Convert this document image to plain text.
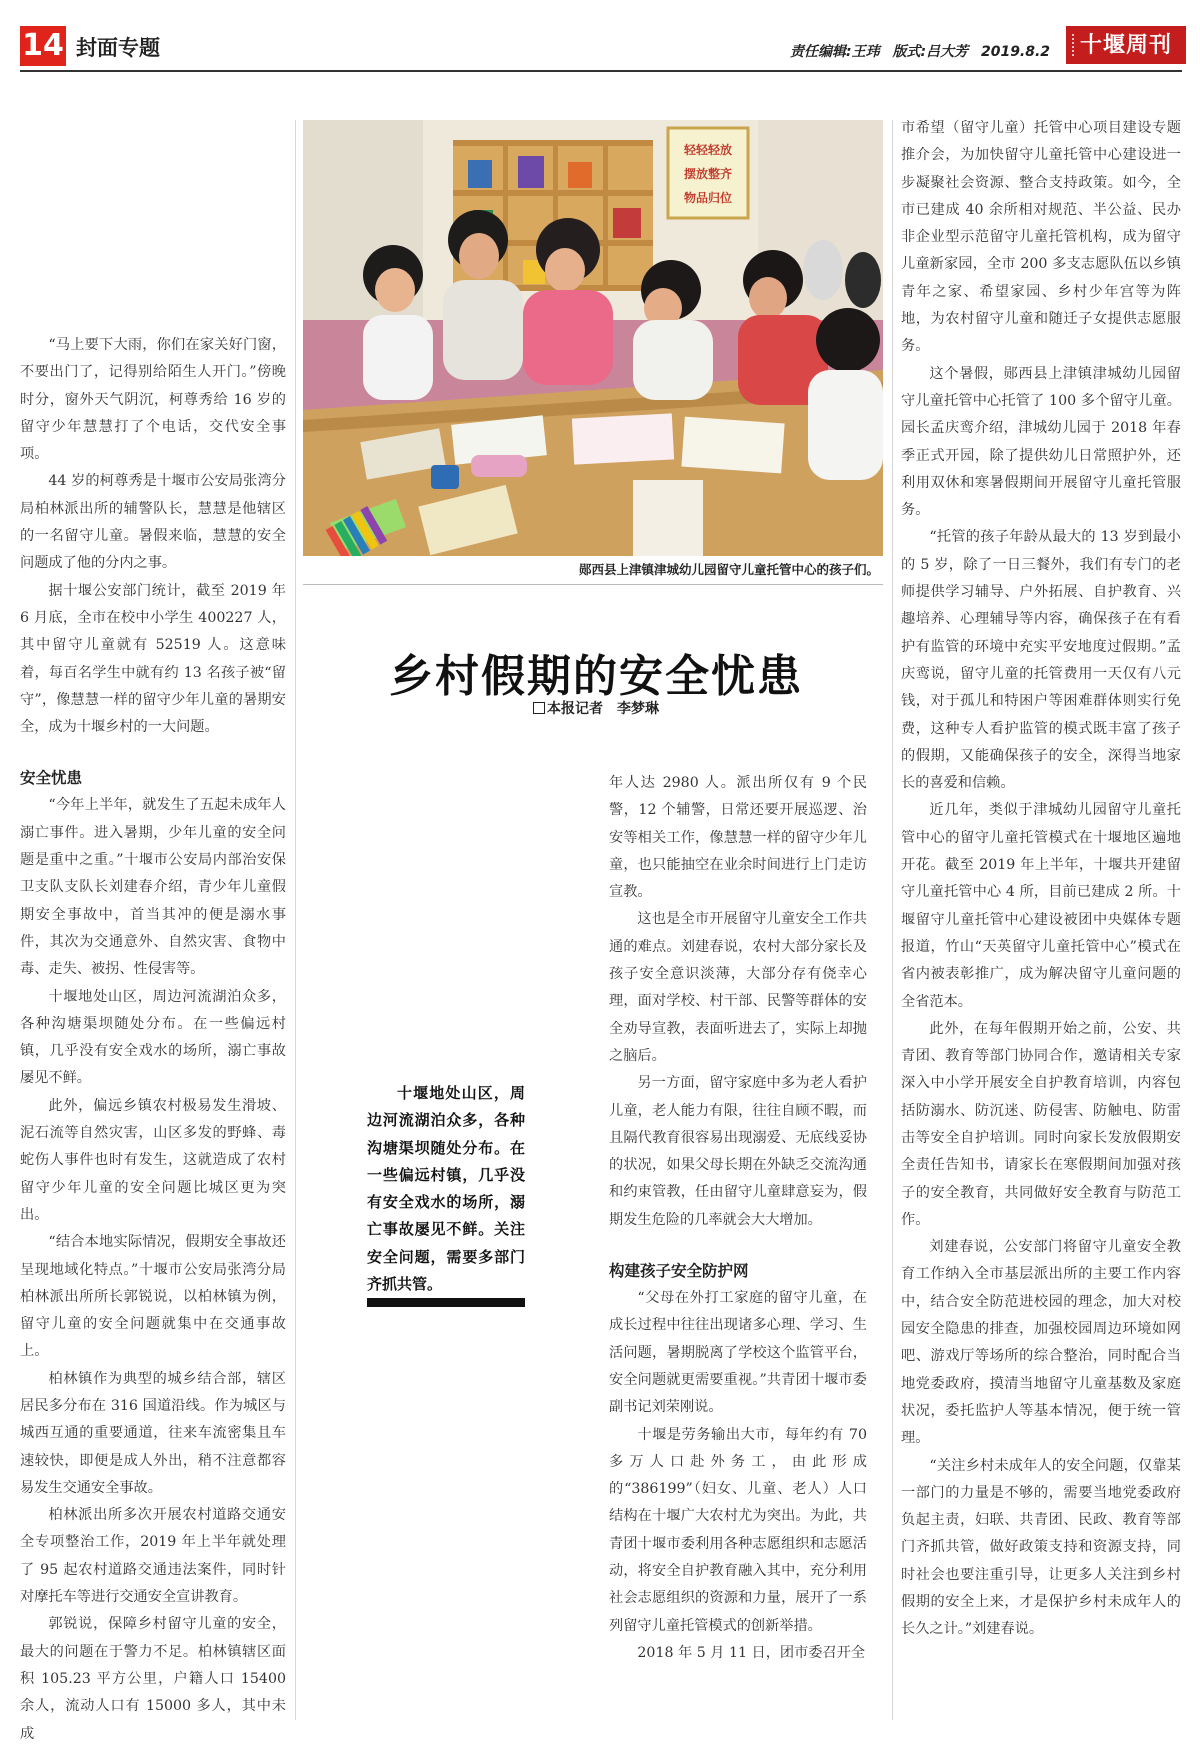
14 封面专题	责任编辑:王玮 版式:吕大芳 2019.8.2	十堰周刊

“马上要下大雨，你们在家关好门窗，不要出门了，记得别给陌生人开门。”傍晚时分，窗外天气阴沉，柯尊秀给 16 岁的留守少年慧慧打了个电话，交代安全事项。

44 岁的柯尊秀是十堰市公安局张湾分局柏林派出所的辅警队长，慧慧是他辖区的一名留守儿童。暑假来临，慧慧的安全问题成了他的分内之事。

据十堰公安部门统计，截至 2019 年 6 月底，全市在校中小学生 400227 人，其中留守儿童就有 52519 人。这意味着，每百名学生中就有约 13 名孩子被“留守”，像慧慧一样的留守少年儿童的暑期安全，成为十堰乡村的一大问题。

安全忧患

“今年上半年，就发生了五起未成年人溺亡事件。进入暑期，少年儿童的安全问题是重中之重。”十堰市公安局内部治安保卫支队支队长刘建春介绍，青少年儿童假期安全事故中，首当其冲的便是溺水事件，其次为交通意外、自然灾害、食物中毒、走失、被拐、性侵害等。

十堰地处山区，周边河流湖泊众多，各种沟塘渠坝随处分布。在一些偏远村镇，几乎没有安全戏水的场所，溺亡事故屡见不鲜。

此外，偏远乡镇农村极易发生滑坡、泥石流等自然灾害，山区多发的野蜂、毒蛇伤人事件也时有发生，这就造成了农村留守少年儿童的安全问题比城区更为突出。

“结合本地实际情况，假期安全事故还呈现地域化特点。”十堰市公安局张湾分局柏林派出所所长郭锐说，以柏林镇为例，留守儿童的安全问题就集中在交通事故上。

柏林镇作为典型的城乡结合部，辖区居民多分布在 316 国道沿线。作为城区与城西互通的重要通道，往来车流密集且车速较快，即便是成人外出，稍不注意都容易发生交通安全事故。

柏林派出所多次开展农村道路交通安全专项整治工作，2019 年上半年就处理了 95 起农村道路交通违法案件，同时针对摩托车等进行交通安全宣讲教育。

郭锐说，保障乡村留守儿童的安全，最大的问题在于警力不足。柏林镇辖区面积 105.23 平方公里，户籍人口 15400 余人，流动人口有 15000 多人，其中未成

轻轻轻放
摆放整齐
物品归位
郧西县上津镇津城幼儿园留守儿童托管中心的孩子们。
乡村假期的安全忧患
本报记者　李梦琳

十堰地处山区，周边河流湖泊众多，各种沟塘渠坝随处分布。在一些偏远村镇，几乎没有安全戏水的场所，溺亡事故屡见不鲜。关注安全问题，需要多部门齐抓共管。

年人达 2980 人。派出所仅有 9 个民警，12 个辅警，日常还要开展巡逻、治安等相关工作，像慧慧一样的留守少年儿童，也只能抽空在业余时间进行上门走访宣教。

这也是全市开展留守儿童安全工作共通的难点。刘建春说，农村大部分家长及孩子安全意识淡薄，大部分存有侥幸心理，面对学校、村干部、民警等群体的安全劝导宣教，表面听进去了，实际上却抛之脑后。

另一方面，留守家庭中多为老人看护儿童，老人能力有限，往往自顾不暇，而且隔代教育很容易出现溺爱、无底线妥协的状况，如果父母长期在外缺乏交流沟通和约束管教，任由留守儿童肆意妄为，假期发生危险的几率就会大大增加。

构建孩子安全防护网

“父母在外打工家庭的留守儿童，在成长过程中往往出现诸多心理、学习、生活问题，暑期脱离了学校这个监管平台，安全问题就更需要重视。”共青团十堰市委副书记刘荣刚说。

十堰是劳务输出大市，每年约有 70 多万人口赴外务工，由此形成的“386199”（妇女、儿童、老人）人口结构在十堰广大农村尤为突出。为此，共青团十堰市委利用各种志愿组织和志愿活动，将安全自护教育融入其中，充分利用社会志愿组织的资源和力量，展开了一系列留守儿童托管模式的创新举措。

2018 年 5 月 11 日，团市委召开全

市希望（留守儿童）托管中心项目建设专题推介会，为加快留守儿童托管中心建设进一步凝聚社会资源、整合支持政策。如今，全市已建成 40 余所相对规范、半公益、民办非企业型示范留守儿童托管机构，成为留守儿童新家园，全市 200 多支志愿队伍以乡镇青年之家、希望家园、乡村少年宫等为阵地，为农村留守儿童和随迁子女提供志愿服务。

这个暑假，郧西县上津镇津城幼儿园留守儿童托管中心托管了 100 多个留守儿童。园长孟庆鸾介绍，津城幼儿园于 2018 年春季正式开园，除了提供幼儿日常照护外，还利用双休和寒暑假期间开展留守儿童托管服务。

“托管的孩子年龄从最大的 13 岁到最小的 5 岁，除了一日三餐外，我们有专门的老师提供学习辅导、户外拓展、自护教育、兴趣培养、心理辅导等内容，确保孩子在有看护有监管的环境中充实平安地度过假期。”孟庆鸾说，留守儿童的托管费用一天仅有八元钱，对于孤儿和特困户等困难群体则实行免费，这种专人看护监管的模式既丰富了孩子的假期，又能确保孩子的安全，深得当地家长的喜爱和信赖。

近几年，类似于津城幼儿园留守儿童托管中心的留守儿童托管模式在十堰地区遍地开花。截至 2019 年上半年，十堰共开建留守儿童托管中心 4 所，目前已建成 2 所。十堰留守儿童托管中心建设被团中央媒体专题报道，竹山“天英留守儿童托管中心”模式在省内被表彰推广，成为解决留守儿童问题的全省范本。

此外，在每年假期开始之前，公安、共青团、教育等部门协同合作，邀请相关专家深入中小学开展安全自护教育培训，内容包括防溺水、防沉迷、防侵害、防触电、防雷击等安全自护培训。同时向家长发放假期安全责任告知书，请家长在寒假期间加强对孩子的安全教育，共同做好安全教育与防范工作。

刘建春说，公安部门将留守儿童安全教育工作纳入全市基层派出所的主要工作内容中，结合安全防范进校园的理念，加大对校园安全隐患的排查，加强校园周边环境如网吧、游戏厅等场所的综合整治，同时配合当地党委政府，摸清当地留守儿童基数及家庭状况，委托监护人等基本情况，便于统一管理。

“关注乡村未成年人的安全问题，仅靠某一部门的力量是不够的，需要当地党委政府负起主责，妇联、共青团、民政、教育等部门齐抓共管，做好政策支持和资源支持，同时社会也要注重引导，让更多人关注到乡村假期的安全上来，才是保护乡村未成年人的长久之计。”刘建春说。
